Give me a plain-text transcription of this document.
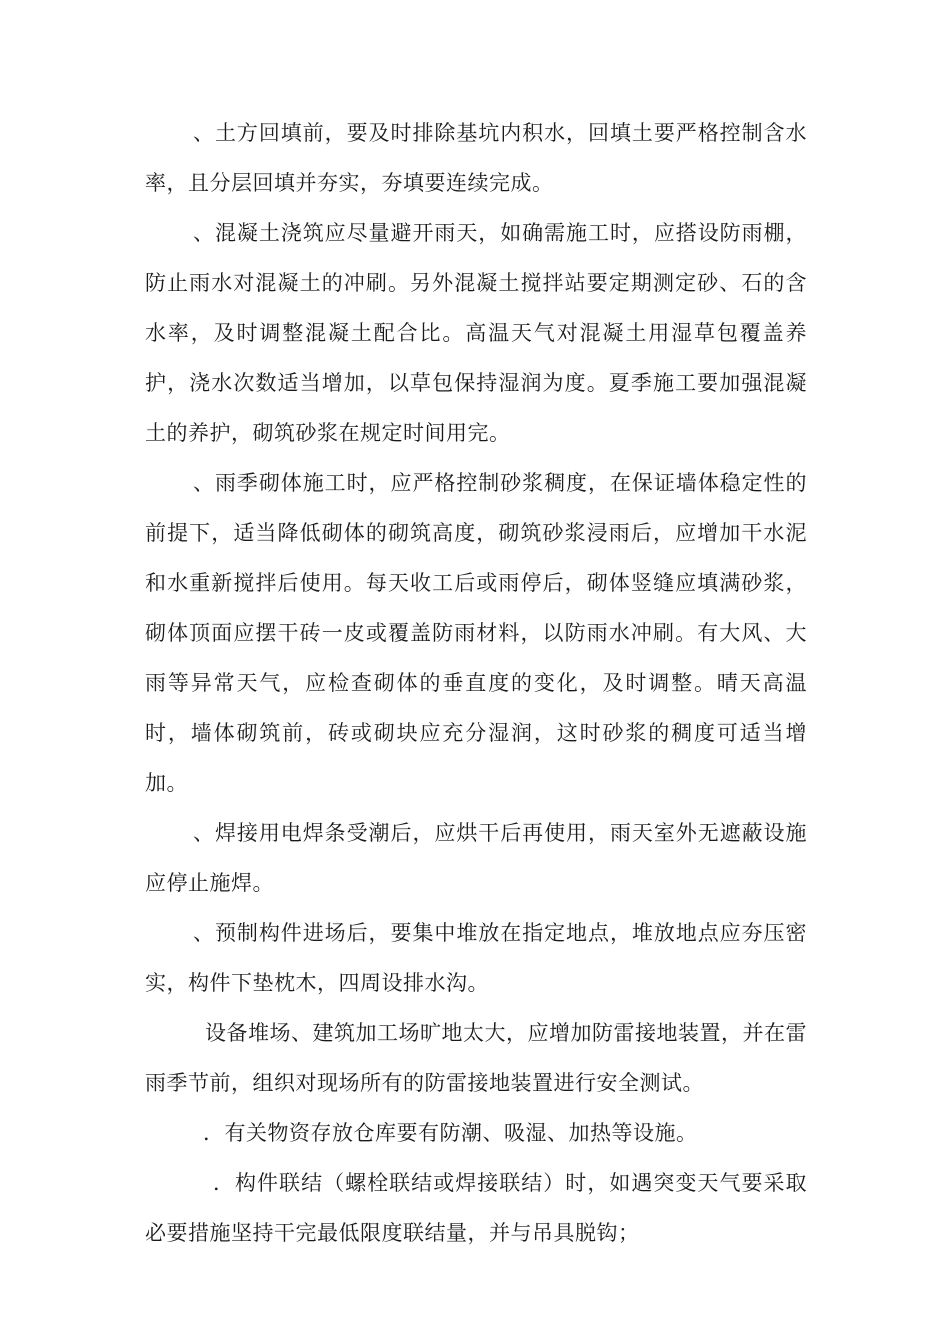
、土方回填前，要及时排除基坑内积水，回填土要严格控制含水率，且分层回填并夯实，夯填要连续完成。

、混凝土浇筑应尽量避开雨天，如确需施工时，应搭设防雨棚，防止雨水对混凝土的冲刷。另外混凝土搅拌站要定期测定砂、石的含水率，及时调整混凝土配合比。高温天气对混凝土用湿草包覆盖养护，浇水次数适当增加，以草包保持湿润为度。夏季施工要加强混凝土的养护，砌筑砂浆在规定时间用完。

、雨季砌体施工时，应严格控制砂浆稠度，在保证墙体稳定性的前提下，适当降低砌体的砌筑高度，砌筑砂浆浸雨后，应增加干水泥和水重新搅拌后使用。每天收工后或雨停后，砌体竖缝应填满砂浆，砌体顶面应摆干砖一皮或覆盖防雨材料，以防雨水冲刷。有大风、大雨等异常天气，应检查砌体的垂直度的变化，及时调整。晴天高温时，墙体砌筑前，砖或砌块应充分湿润，这时砂浆的稠度可适当增加。

、焊接用电焊条受潮后，应烘干后再使用，雨天室外无遮蔽设施应停止施焊。

、预制构件进场后，要集中堆放在指定地点，堆放地点应夯压密实，构件下垫枕木，四周设排水沟。

设备堆场、建筑加工场旷地太大，应增加防雷接地装置，并在雷雨季节前，组织对现场所有的防雷接地装置进行安全测试。

．有关物资存放仓库要有防潮、吸湿、加热等设施。

．构件联结（螺栓联结或焊接联结）时，如遇突变天气要采取必要措施坚持干完最低限度联结量，并与吊具脱钩；
